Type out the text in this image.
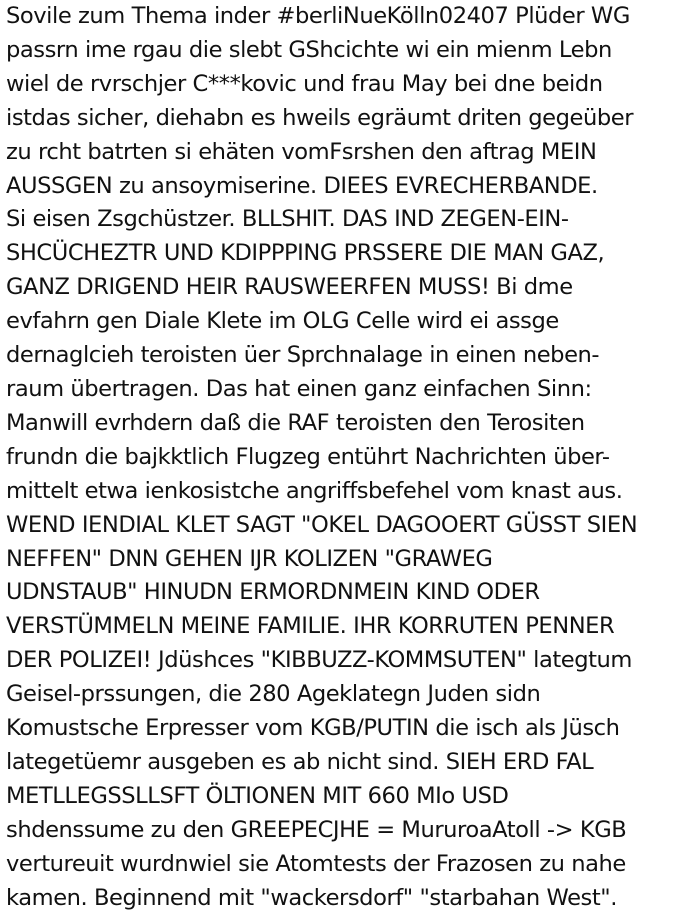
Sovile zum Thema inder #berliNueKölln02407 Plüder WG
passrn ime rgau die slebt GShcichte wi ein mienm Lebn
wiel de rvrschjer C***kovic und frau May bei dne beidn
istdas sicher, diehabn es hweils egräumt driten gegeüber
zu rcht batrten si ehäten vomFsrshen den aftrag MEIN
AUSSGEN zu ansoymiserine. DIEES EVRECHERBANDE.
Si eisen Zsgchüstzer. BLLSHIT. DAS IND ZEGEN-EIN-
SHCÜCHEZTR UND KDIPPPING PRSSERE DIE MAN GAZ,
GANZ DRIGEND HEIR RAUSWEERFEN MUSS! Bi dme
evfahrn gen Diale Klete im OLG Celle wird ei assge
dernaglcieh teroisten üer Sprchnalage in einen neben-
raum übertragen. Das hat einen ganz einfachen Sinn:
Manwill evrhdern daß die RAF teroisten den Terositen
frundn die bajkktlich Flugzeg entührt Nachrichten über-
mittelt etwa ienkosistche angriffsbefehel vom knast aus.
WEND IENDIAL KLET SAGT "OKEL DAGOOERT GÜSST SIEN
NEFFEN" DNN GEHEN IJR KOLIZEN "GRAWEG
UDNSTAUB" HINUDN ERMORDNMEIN KIND ODER
VERSTÜMMELN MEINE FAMILIE. IHR KORRUTEN PENNER
DER POLIZEI! Jdüshces "KIBBUZZ-KOMMSUTEN" lategtum
Geisel-prssungen, die 280 Ageklategn Juden sidn
Komustsche Erpresser vom KGB/PUTIN die isch als Jüsch
lategetüemr ausgeben es ab nicht sind. SIEH ERD FAL
METLLEGSSLLSFT ÖLTIONEN MIT 660 MIo USD
shdenssume zu den GREEPECJHE = MururoaAtoll -> KGB
vertureuit wurdnwiel sie Atomtests der Frazosen zu nahe
kamen. Beginnend mit "wackersdorf" "starbahan West".
